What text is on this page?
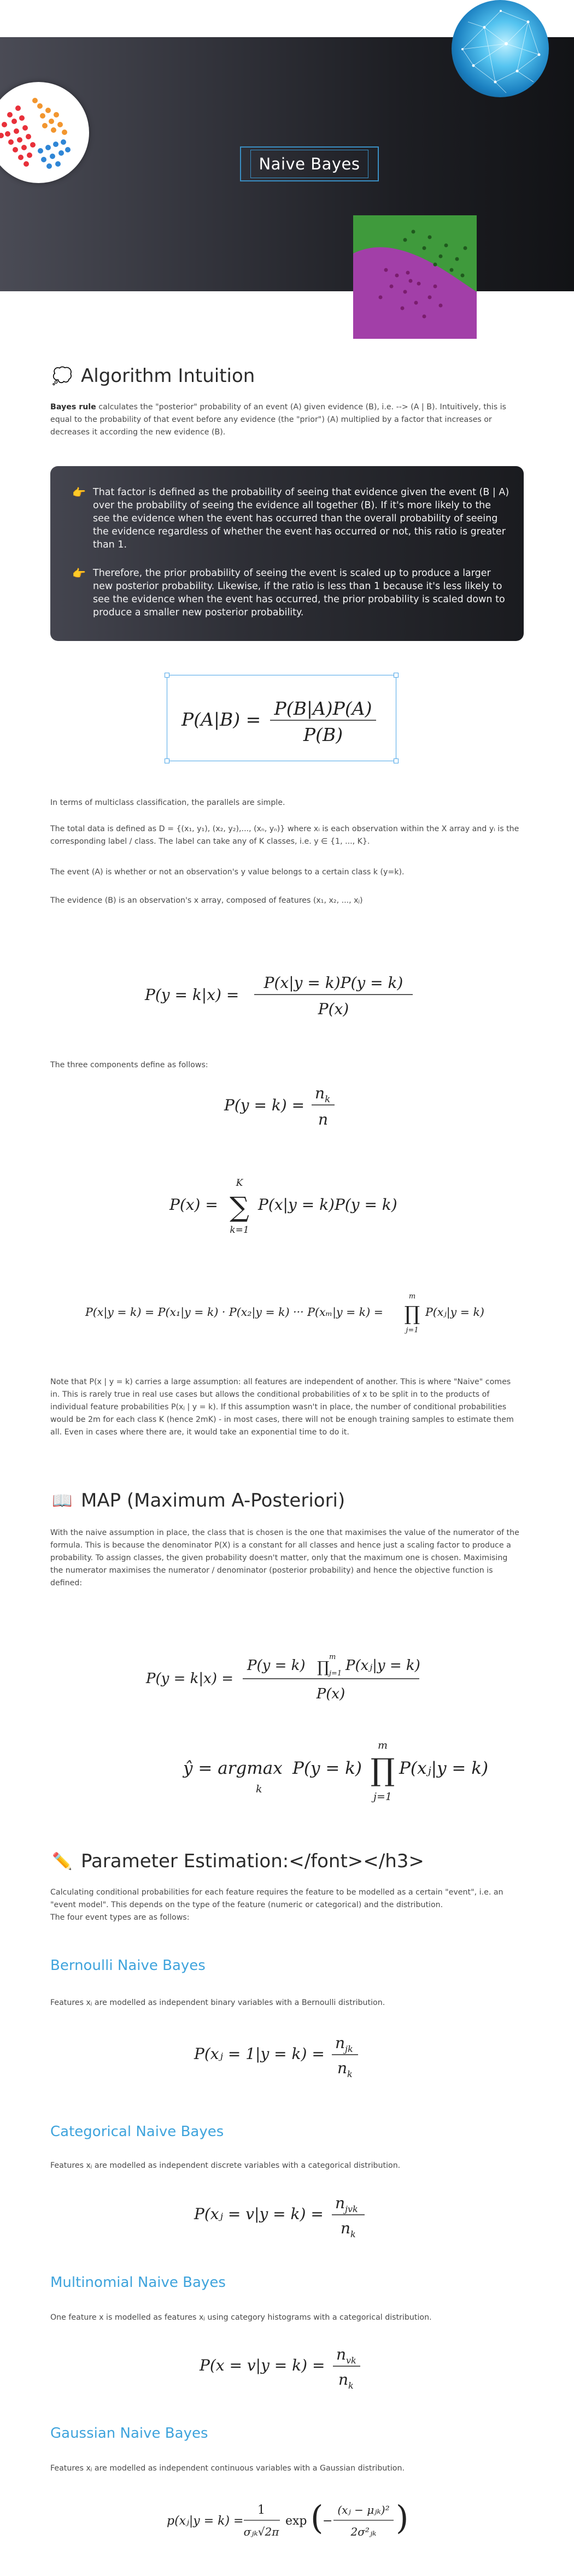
Naive Bayes
💭 Algorithm Intuition
Bayes rule calculates the "posterior" probability of an event (A) given evidence (B), i.e. --> (A | B). Intuitively, this is equal to the probability of that event before any evidence (the "prior") (A) multiplied by a factor that increases or decreases it according the new evidence (B).
👉 That factor is defined as the probability of seeing that evidence given the event (B | A) over the probability of seeing the evidence all together (B). If it's more likely to the see the evidence when the event has occurred than the overall probability of seeing the evidence regardless of whether the event has occurred or not, this ratio is greater than 1.
👉 Therefore, the prior probability of seeing the event is scaled up to produce a larger new posterior probability. Likewise, if the ratio is less than 1 because it's less likely to see the evidence when the event has occurred, the prior probability is scaled down to produce a smaller new posterior probability.
P(A|B) =
P(B|A)P(A)
P(B)
In terms of multiclass classification, the parallels are simple.
The total data is defined as D = {(x₁, y₁), (x₂, y₂),..., (xₙ, yₙ)} where xᵢ is each observation within the X array and yᵢ is the corresponding label / class. The label can take any of K classes, i.e. y ∈ {1, ..., K}.
The event (A) is whether or not an observation's y value belongs to a certain class k (y=k).
The evidence (B) is an observation's x array, composed of features (x₁, x₂, ..., xⱼ)
P(y = k|x) =
P(x|y = k)P(y = k)
P(x)
The three components define as follows:
P(y = k) =
n k
n
P(x) =
K
∑
k=1
P(x|y = k)P(y = k)
P(x|y = k) = P(x₁|y = k) · P(x₂|y = k) ··· P(xₘ|y = k) =
m
∏
j=1
P(xⱼ|y = k)
Note that P(x | y = k) carries a large assumption: all features are independent of another. This is where "Naive" comes in. This is rarely true in real use cases but allows the conditional probabilities of x to be split in to the products of individual feature probabilities P(xⱼ | y = k). If this assumption wasn't in place, the number of conditional probabilities would be 2m for each class K (hence 2mK) - in most cases, there will not be enough training samples to estimate them all. Even in cases where there are, it would take an exponential time to do it.
📖 MAP (Maximum A-Posteriori)
With the naive assumption in place, the class that is chosen is the one that maximises the value of the numerator of the formula. This is because the denominator P(X) is a constant for all classes and hence just a scaling factor to produce a probability. To assign classes, the given probability doesn't matter, only that the maximum one is chosen. Maximising the numerator maximises the numerator / denominator (posterior probability) and hence the objective function is defined:
P(y = k|x) =
P(y = k) ∏
m
j=1 P(xⱼ|y = k)
P(x)
ŷ = argmax
k
P(y = k)
m
∏
j=1
P(xⱼ|y = k)
✏️ Parameter Estimation:</font></h3>
Calculating conditional probabilities for each feature requires the feature to be modelled as a certain "event", i.e. an "event model". This depends on the type of the feature (numeric or categorical) and the distribution.
The four event types are as follows:
Bernoulli Naive Bayes
Features xⱼ are modelled as independent binary variables with a Bernoulli distribution.
P(xⱼ = 1|y = k) =
n jk
n k
Categorical Naive Bayes
Features xⱼ are modelled as independent discrete variables with a categorical distribution.
P(xⱼ = v|y = k) =
n jvk
n k
Multinomial Naive Bayes
One feature x is modelled as features xⱼ using category histograms with a categorical distribution.
P(x = v|y = k) =
n vk
n k
Gaussian Naive Bayes
Features xⱼ are modelled as independent continuous variables with a Gaussian distribution.
p(xⱼ|y = k) =
1
σⱼₖ√2π
exp (
−
(xⱼ − μⱼₖ)²
2σ²ⱼₖ )
